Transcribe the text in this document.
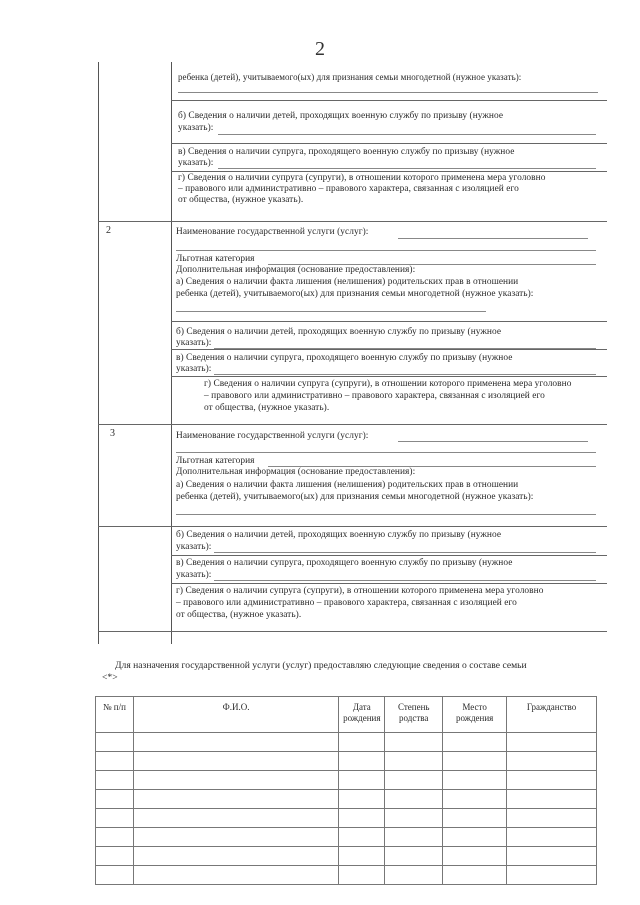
2
ребенка (детей), учитываемого(ых) для признания семьи многодетной (нужное указать):
б) Сведения о наличии детей, проходящих военную службу по призыву (нужное
указать):
в) Сведения о наличии супруга, проходящего военную службу по призыву (нужное
указать):
г) Сведения о наличии супруга (супруги), в отношении которого применена мера уголовно
– правового или административно – правового характера, связанная с изоляцией его
от общества, (нужное указать).
2	Наименование государственной услуги (услуг):
Льготная категория
Дополнительная информация (основание предоставления):
а) Сведения о наличии факта лишения (нелишения) родительских прав в отношении
ребенка (детей), учитываемого(ых) для признания семьи многодетной (нужное указать):
б) Сведения о наличии детей, проходящих военную службу по призыву (нужное
указать):
в) Сведения о наличии супруга, проходящего военную службу по призыву (нужное
указать):
г) Сведения о наличии супруга (супруги), в отношении которого применена мера уголовно
– правового или административно – правового характера, связанная с изоляцией его
от общества, (нужное указать).
3	Наименование государственной услуги (услуг):
Льготная категория
Дополнительная информация (основание предоставления):
а) Сведения о наличии факта лишения (нелишения) родительских прав в отношении
ребенка (детей), учитываемого(ых) для признания семьи многодетной (нужное указать):
б) Сведения о наличии детей, проходящих военную службу по призыву (нужное
указать):
в) Сведения о наличии супруга, проходящего военную службу по призыву (нужное
указать):
г) Сведения о наличии супруга (супруги), в отношении которого применена мера уголовно
– правового или административно – правового характера, связанная с изоляцией его
от общества, (нужное указать).
Для назначения государственной услуги (услуг) предоставляю следующие сведения о составе семьи
<*>
№ п/п	Ф.И.О.	Дата рождения	Степень родства	Место рождения	Гражданство
